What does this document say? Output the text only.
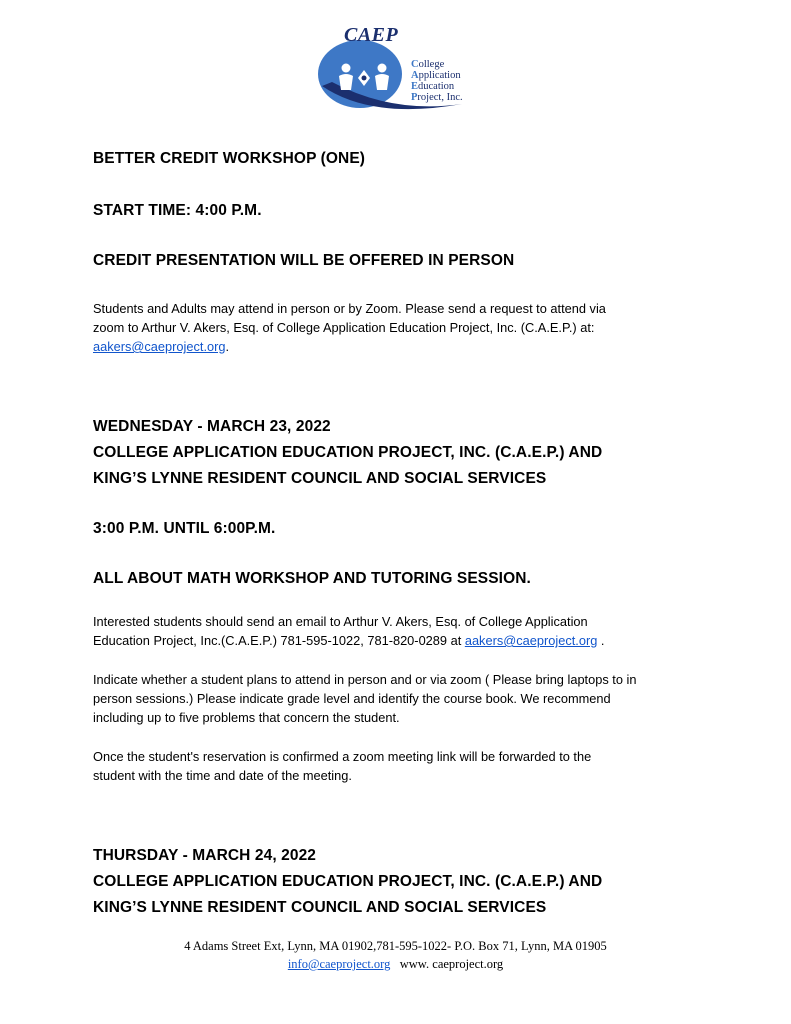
CAEP
College
Application
Education
Project, Inc.
BETTER CREDIT WORKSHOP (ONE)
START TIME: 4:00 P.M.
CREDIT PRESENTATION WILL BE OFFERED IN PERSON
Students and Adults may attend in person or by Zoom. Please send a request to attend via
zoom to Arthur V. Akers, Esq. of College Application Education Project, Inc. (C.A.E.P.) at:
aakers@caeproject.org.
WEDNESDAY - MARCH 23, 2022
COLLEGE APPLICATION EDUCATION PROJECT, INC. (C.A.E.P.) AND
KING’S LYNNE RESIDENT COUNCIL AND SOCIAL SERVICES
3:00 P.M. UNTIL 6:00P.M.
ALL ABOUT MATH WORKSHOP AND TUTORING SESSION.
Interested students should send an email to Arthur V. Akers, Esq. of College Application
Education Project, Inc.(C.A.E.P.) 781-595-1022, 781-820-0289 at aakers@caeproject.org .
Indicate whether a student plans to attend in person and or via zoom ( Please bring laptops to in
person sessions.) Please indicate grade level and identify the course book. We recommend
including up to five problems that concern the student.
Once the student's reservation is confirmed a zoom meeting link will be forwarded to the
student with the time and date of the meeting.
THURSDAY - MARCH 24, 2022
COLLEGE APPLICATION EDUCATION PROJECT, INC. (C.A.E.P.) AND
KING’S LYNNE RESIDENT COUNCIL AND SOCIAL SERVICES
4 Adams Street Ext, Lynn, MA 01902,781-595-1022- P.O. Box 71, Lynn, MA 01905
info@caeproject.org www. caeproject.org
